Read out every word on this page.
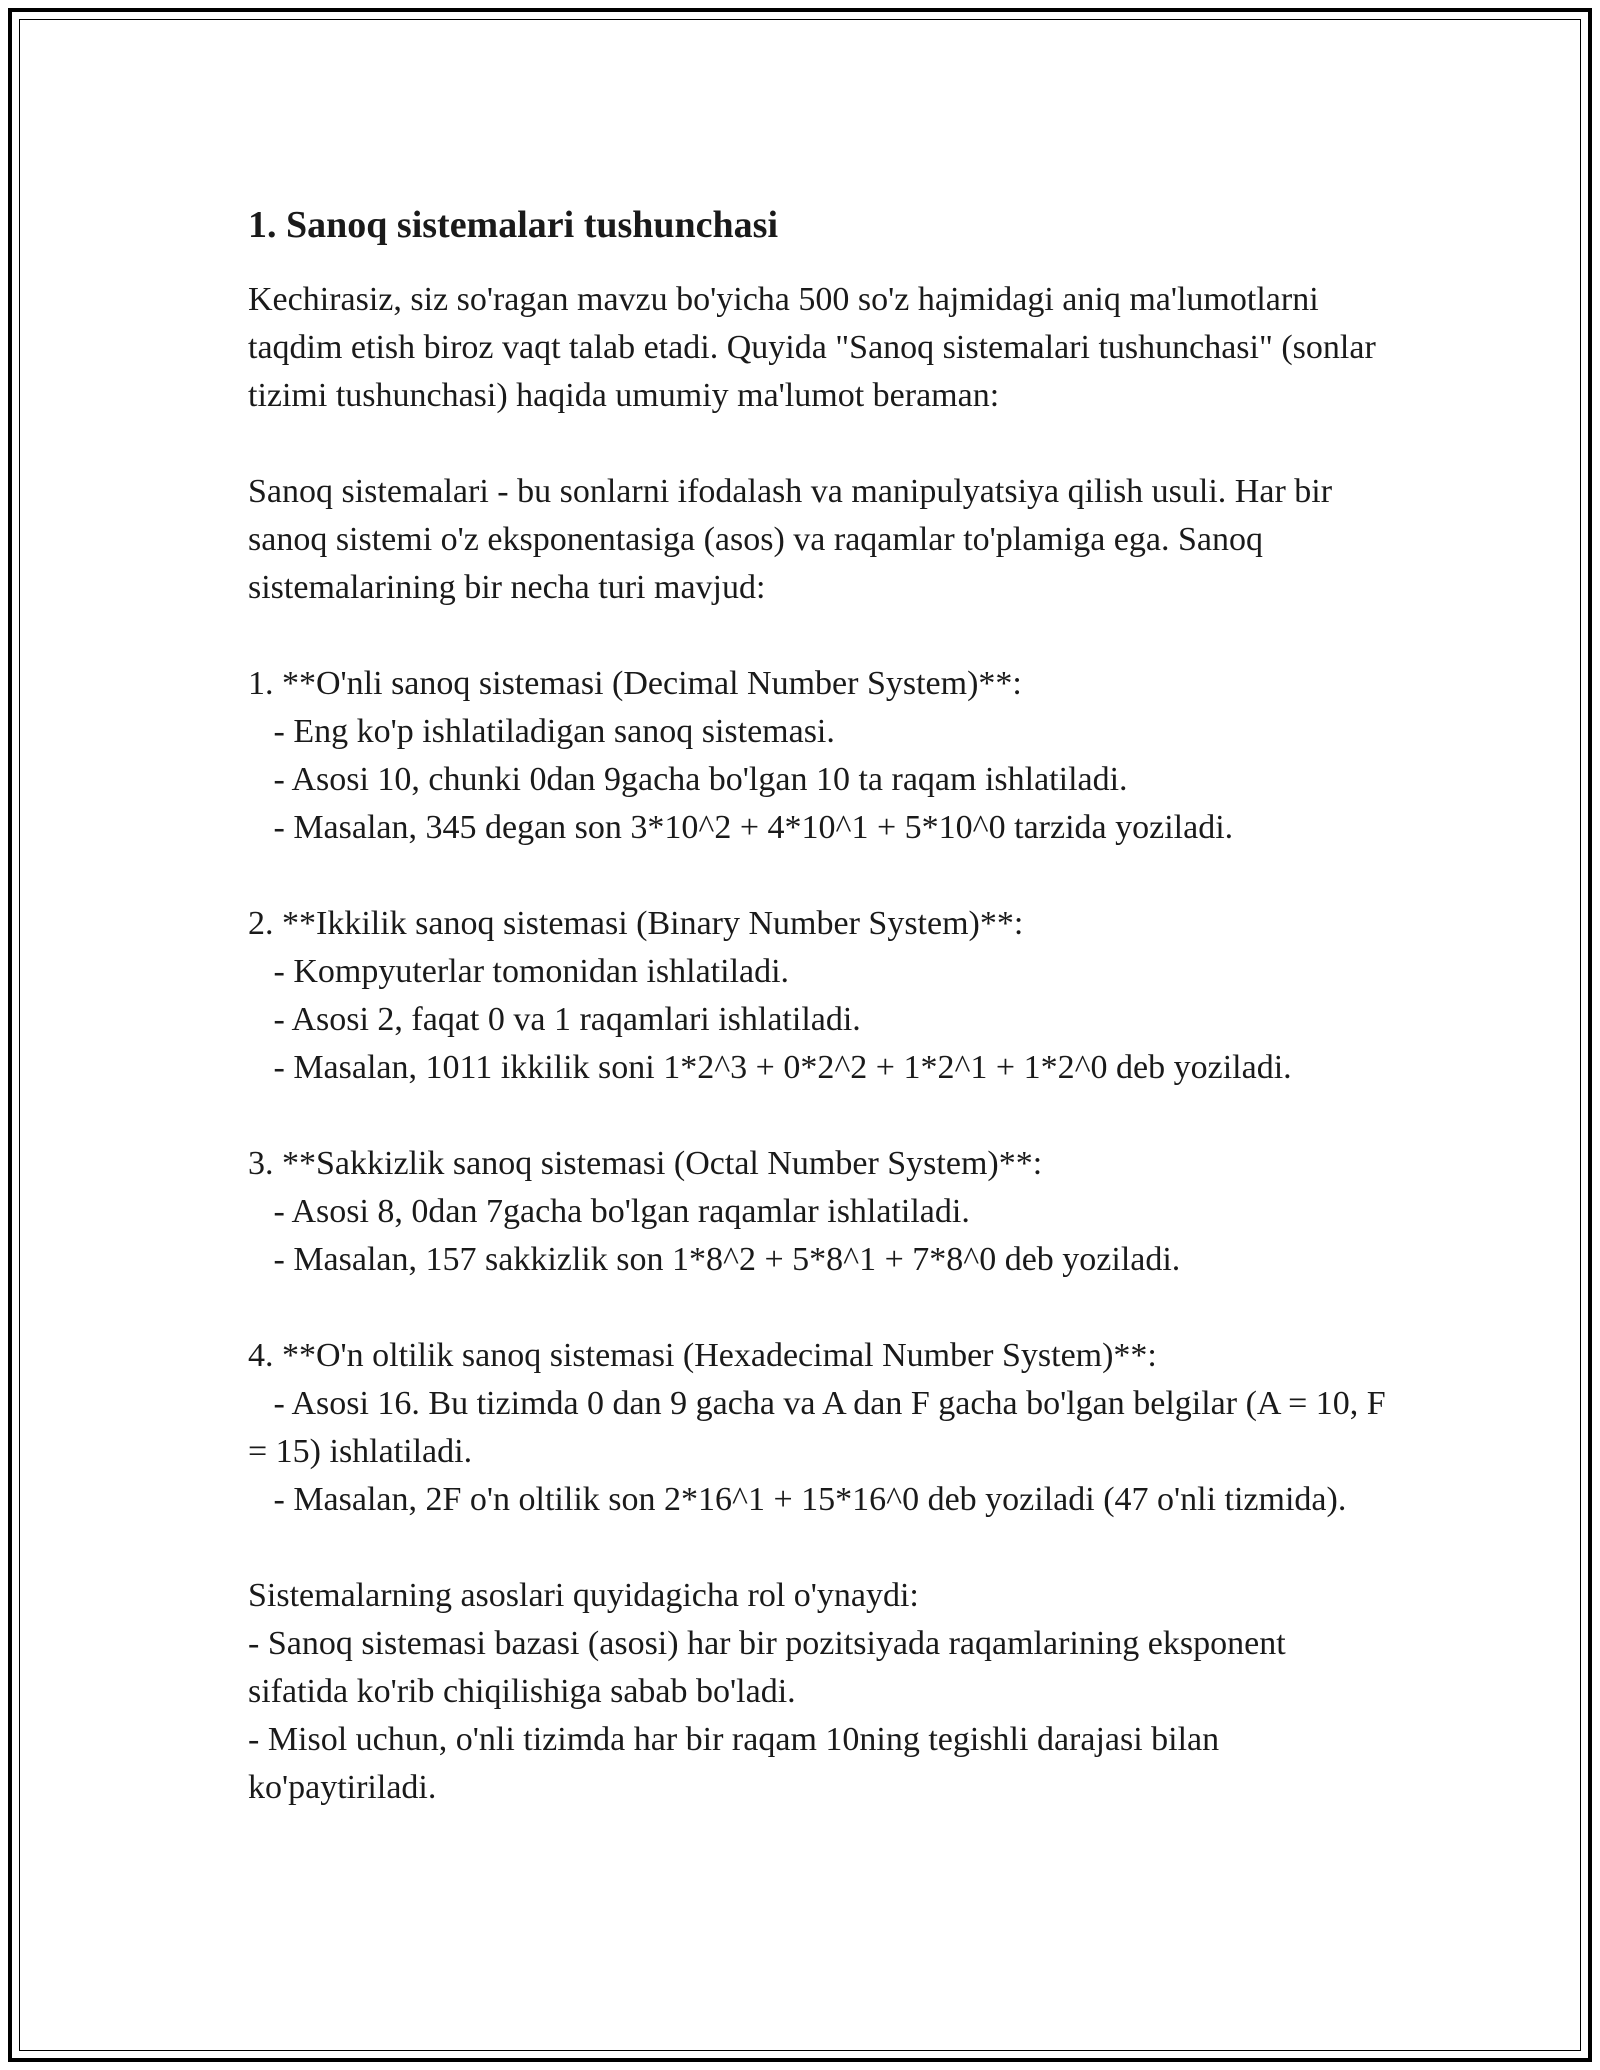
1. Sanoq sistemalari tushunchasi

Kechirasiz, siz so'ragan mavzu bo'yicha 500 so'z hajmidagi aniq ma'lumotlarni taqdim etish biroz vaqt talab etadi. Quyida "Sanoq sistemalari tushunchasi" (sonlar tizimi tushunchasi) haqida umumiy ma'lumot beraman:

Sanoq sistemalari - bu sonlarni ifodalash va manipulyatsiya qilish usuli. Har bir sanoq sistemi o'z eksponentasiga (asos) va raqamlar to'plamiga ega. Sanoq sistemalarining bir necha turi mavjud:

1. **O'nli sanoq sistemasi (Decimal Number System)**:
- Eng ko'p ishlatiladigan sanoq sistemasi.
- Asosi 10, chunki 0dan 9gacha bo'lgan 10 ta raqam ishlatiladi.
- Masalan, 345 degan son 3*10^2 + 4*10^1 + 5*10^0 tarzida yoziladi.
2. **Ikkilik sanoq sistemasi (Binary Number System)**:
- Kompyuterlar tomonidan ishlatiladi.
- Asosi 2, faqat 0 va 1 raqamlari ishlatiladi.
- Masalan, 1011 ikkilik soni 1*2^3 + 0*2^2 + 1*2^1 + 1*2^0 deb yoziladi.
3. **Sakkizlik sanoq sistemasi (Octal Number System)**:
- Asosi 8, 0dan 7gacha bo'lgan raqamlar ishlatiladi.
- Masalan, 157 sakkizlik son 1*8^2 + 5*8^1 + 7*8^0 deb yoziladi.
4. **O'n oltilik sanoq sistemasi (Hexadecimal Number System)**:
- Asosi 16. Bu tizimda 0 dan 9 gacha va A dan F gacha bo'lgan belgilar (A = 10, F = 15) ishlatiladi.
- Masalan, 2F o'n oltilik son 2*16^1 + 15*16^0 deb yoziladi (47 o'nli tizmida).
Sistemalarning asoslari quyidagicha rol o'ynaydi:
- Sanoq sistemasi bazasi (asosi) har bir pozitsiyada raqamlarining eksponent sifatida ko'rib chiqilishiga sabab bo'ladi.
- Misol uchun, o'nli tizimda har bir raqam 10ning tegishli darajasi bilan ko'paytiriladi.
